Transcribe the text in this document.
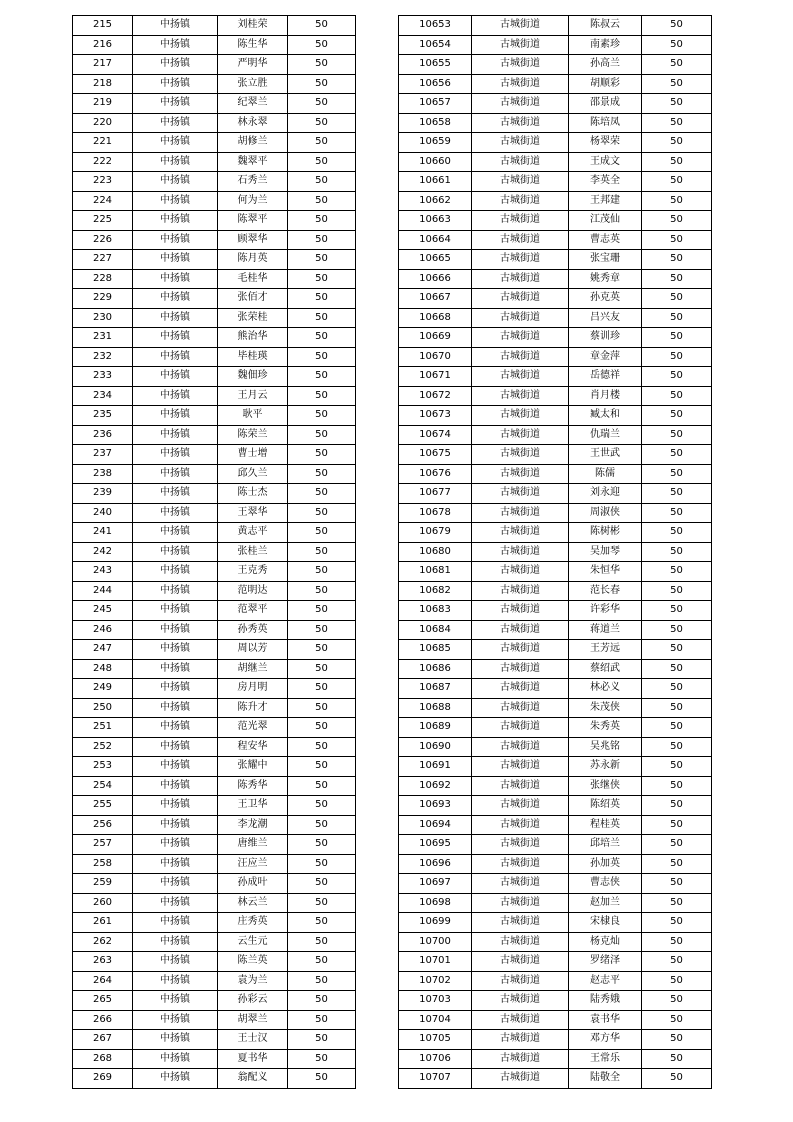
215	中扬镇	刘桂荣	50
216	中扬镇	陈生华	50
217	中扬镇	严明华	50
218	中扬镇	张立胜	50
219	中扬镇	纪翠兰	50
220	中扬镇	林永翠	50
221	中扬镇	胡修兰	50
222	中扬镇	魏翠平	50
223	中扬镇	石秀兰	50
224	中扬镇	何为兰	50
225	中扬镇	陈翠平	50
226	中扬镇	顾翠华	50
227	中扬镇	陈月英	50
228	中扬镇	毛桂华	50
229	中扬镇	张佰才	50
230	中扬镇	张荣桂	50
231	中扬镇	熊治华	50
232	中扬镇	毕桂瑛	50
233	中扬镇	魏佃珍	50
234	中扬镇	王月云	50
235	中扬镇	耿平	50
236	中扬镇	陈荣兰	50
237	中扬镇	曹士增	50
238	中扬镇	邱久兰	50
239	中扬镇	陈士杰	50
240	中扬镇	王翠华	50
241	中扬镇	黄志平	50
242	中扬镇	张桂兰	50
243	中扬镇	王克秀	50
244	中扬镇	范明达	50
245	中扬镇	范翠平	50
246	中扬镇	孙秀英	50
247	中扬镇	周以芳	50
248	中扬镇	胡继兰	50
249	中扬镇	房月明	50
250	中扬镇	陈升才	50
251	中扬镇	范光翠	50
252	中扬镇	程安华	50
253	中扬镇	张耀中	50
254	中扬镇	陈秀华	50
255	中扬镇	王卫华	50
256	中扬镇	李龙潮	50
257	中扬镇	唐维兰	50
258	中扬镇	汪应兰	50
259	中扬镇	孙成叶	50
260	中扬镇	林云兰	50
261	中扬镇	庄秀英	50
262	中扬镇	云生元	50
263	中扬镇	陈兰英	50
264	中扬镇	袁为兰	50
265	中扬镇	孙彩云	50
266	中扬镇	胡翠兰	50
267	中扬镇	王士汉	50
268	中扬镇	夏书华	50
269	中扬镇	翁配义	50
10653	古城街道	陈叔云	50
10654	古城街道	南素珍	50
10655	古城街道	孙高兰	50
10656	古城街道	胡顺彩	50
10657	古城街道	邵景成	50
10658	古城街道	陈培凤	50
10659	古城街道	杨翠荣	50
10660	古城街道	王成文	50
10661	古城街道	李英全	50
10662	古城街道	王邦建	50
10663	古城街道	江茂仙	50
10664	古城街道	曹志英	50
10665	古城街道	张宝珊	50
10666	古城街道	姚秀章	50
10667	古城街道	孙克英	50
10668	古城街道	吕兴友	50
10669	古城街道	蔡训珍	50
10670	古城街道	章金萍	50
10671	古城街道	岳德祥	50
10672	古城街道	肖月楼	50
10673	古城街道	臧太和	50
10674	古城街道	仇瑞兰	50
10675	古城街道	王世武	50
10676	古城街道	陈儒	50
10677	古城街道	刘永迎	50
10678	古城街道	周淑侠	50
10679	古城街道	陈树彬	50
10680	古城街道	吴加琴	50
10681	古城街道	朱恒华	50
10682	古城街道	范长春	50
10683	古城街道	许彩华	50
10684	古城街道	蒋道兰	50
10685	古城街道	王芳远	50
10686	古城街道	蔡绍武	50
10687	古城街道	林必义	50
10688	古城街道	朱茂侠	50
10689	古城街道	朱秀英	50
10690	古城街道	吴兆铭	50
10691	古城街道	苏永新	50
10692	古城街道	张继侠	50
10693	古城街道	陈绍英	50
10694	古城街道	程桂英	50
10695	古城街道	邱培兰	50
10696	古城街道	孙加英	50
10697	古城街道	曹志侠	50
10698	古城街道	赵加兰	50
10699	古城街道	宋棣良	50
10700	古城街道	杨克灿	50
10701	古城街道	罗绪泽	50
10702	古城街道	赵志平	50
10703	古城街道	陆秀娥	50
10704	古城街道	袁书华	50
10705	古城街道	邓方华	50
10706	古城街道	王常乐	50
10707	古城街道	陆敬全	50
